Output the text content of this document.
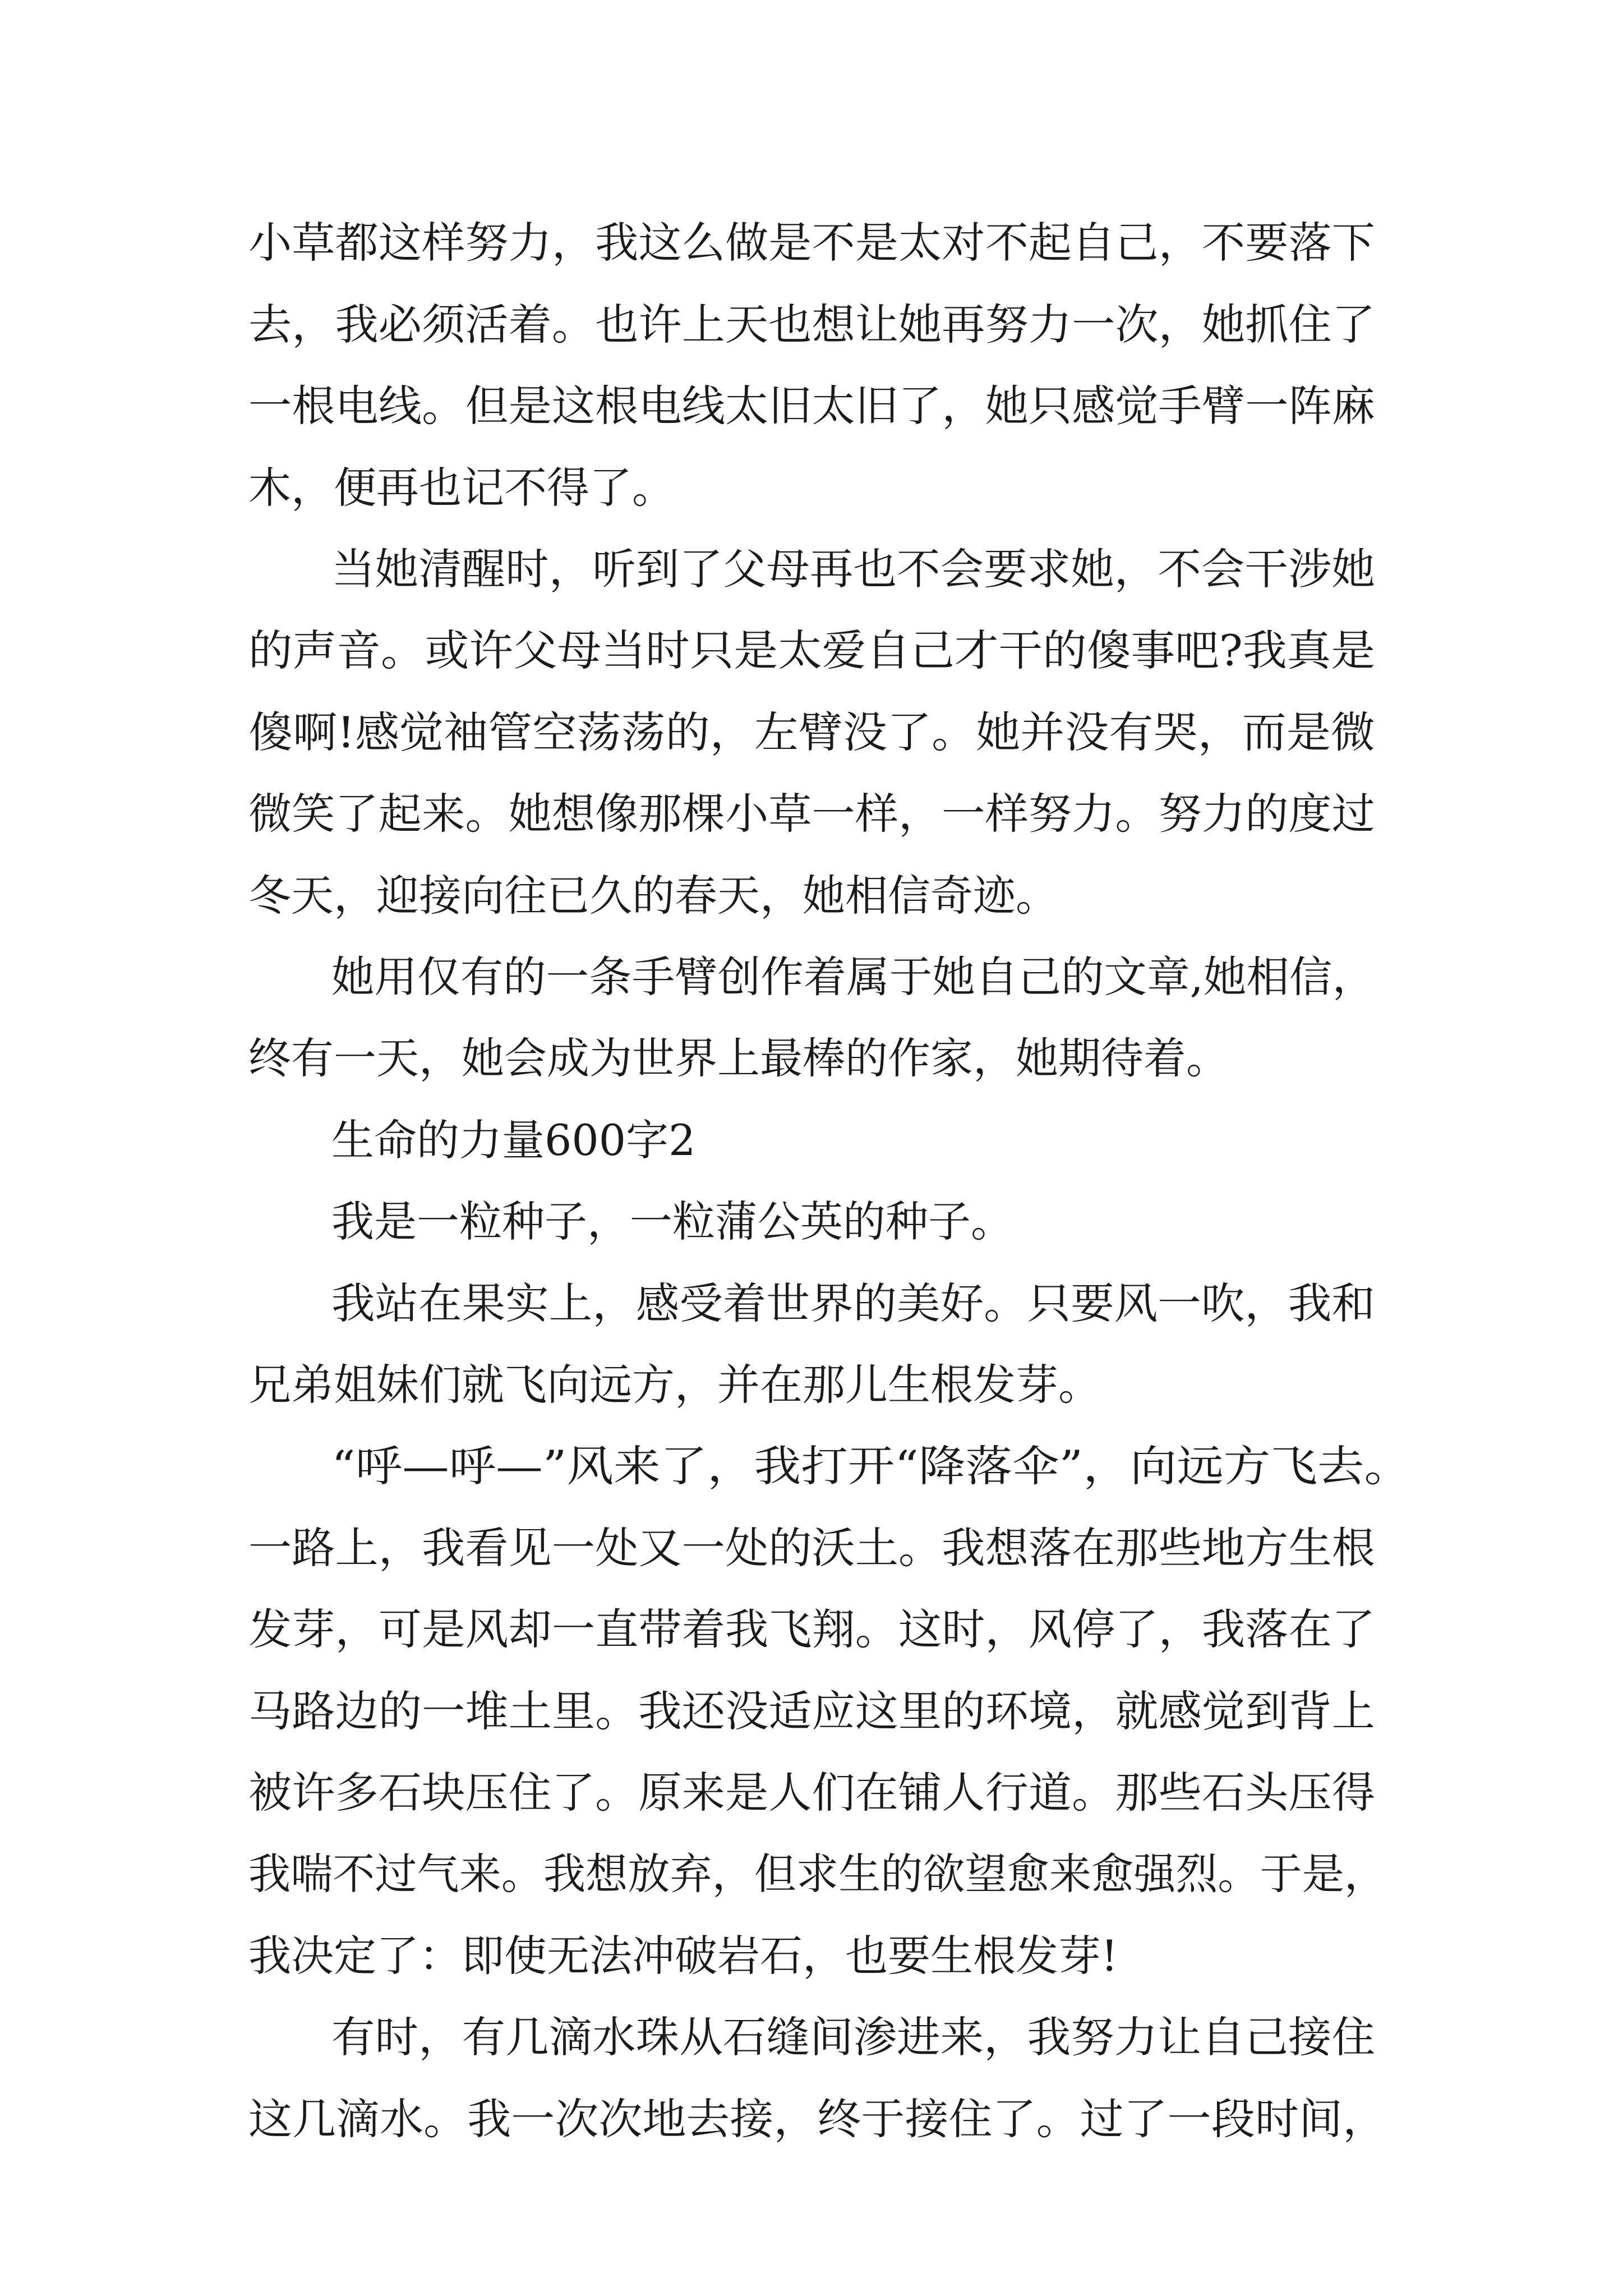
小草都这样努力，我这么做是不是太对不起自己，不要落下
去，我必须活着。也许上天也想让她再努力一次，她抓住了
一根电线。但是这根电线太旧太旧了，她只感觉手臂一阵麻
木，便再也记不得了。
当她清醒时，听到了父母再也不会要求她，不会干涉她
的声音。或许父母当时只是太爱自己才干的傻事吧?我真是
傻啊!感觉袖管空荡荡的，左臂没了。她并没有哭，而是微
微笑了起来。她想像那棵小草一样，一样努力。努力的度过
冬天，迎接向往已久的春天，她相信奇迹。
她用仅有的一条手臂创作着属于她自己的文章,她相信，
终有一天，她会成为世界上最棒的作家，她期待着。
生命的力量600字2
我是一粒种子，一粒蒲公英的种子。
我站在果实上，感受着世界的美好。只要风一吹，我和
兄弟姐妹们就飞向远方，并在那儿生根发芽。
“呼—呼—”风来了，我打开“降落伞”，向远方飞去。
一路上，我看见一处又一处的沃土。我想落在那些地方生根
发芽，可是风却一直带着我飞翔。这时，风停了，我落在了
马路边的一堆土里。我还没适应这里的环境，就感觉到背上
被许多石块压住了。原来是人们在铺人行道。那些石头压得
我喘不过气来。我想放弃，但求生的欲望愈来愈强烈。于是，
我决定了：即使无法冲破岩石，也要生根发芽!
有时，有几滴水珠从石缝间渗进来，我努力让自己接住
这几滴水。我一次次地去接，终于接住了。过了一段时间，
